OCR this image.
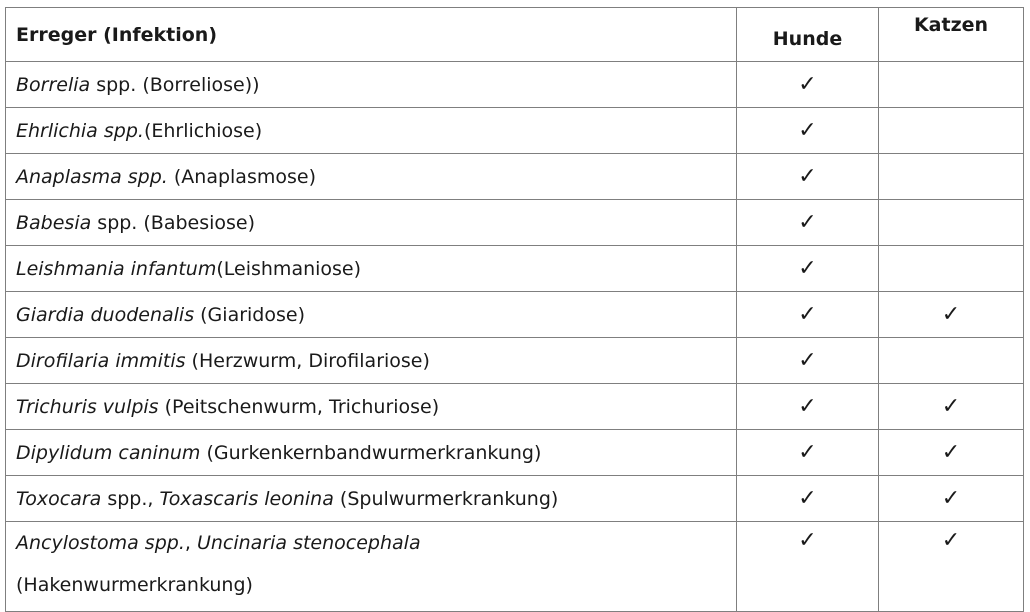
Erreger (Infektion)	Hunde	Katzen
Borrelia spp. (Borreliose))	✓	
Ehrlichia spp.(Ehrlichiose)	✓	
Anaplasma spp. (Anaplasmose)	✓	
Babesia spp. (Babesiose)	✓	
Leishmania infantum(Leishmaniose)	✓	
Giardia duodenalis (Giaridose)	✓	✓
Dirofilaria immitis (Herzwurm, Dirofilariose)	✓	
Trichuris vulpis (Peitschenwurm, Trichuriose)	✓	✓
Dipylidum caninum (Gurkenkernbandwurmerkrankung)	✓	✓
Toxocara spp., Toxascaris leonina (Spulwurmerkrankung)	✓	✓
Ancylostoma spp., Uncinaria stenocephala
(Hakenwurmerkrankung)	✓	✓
